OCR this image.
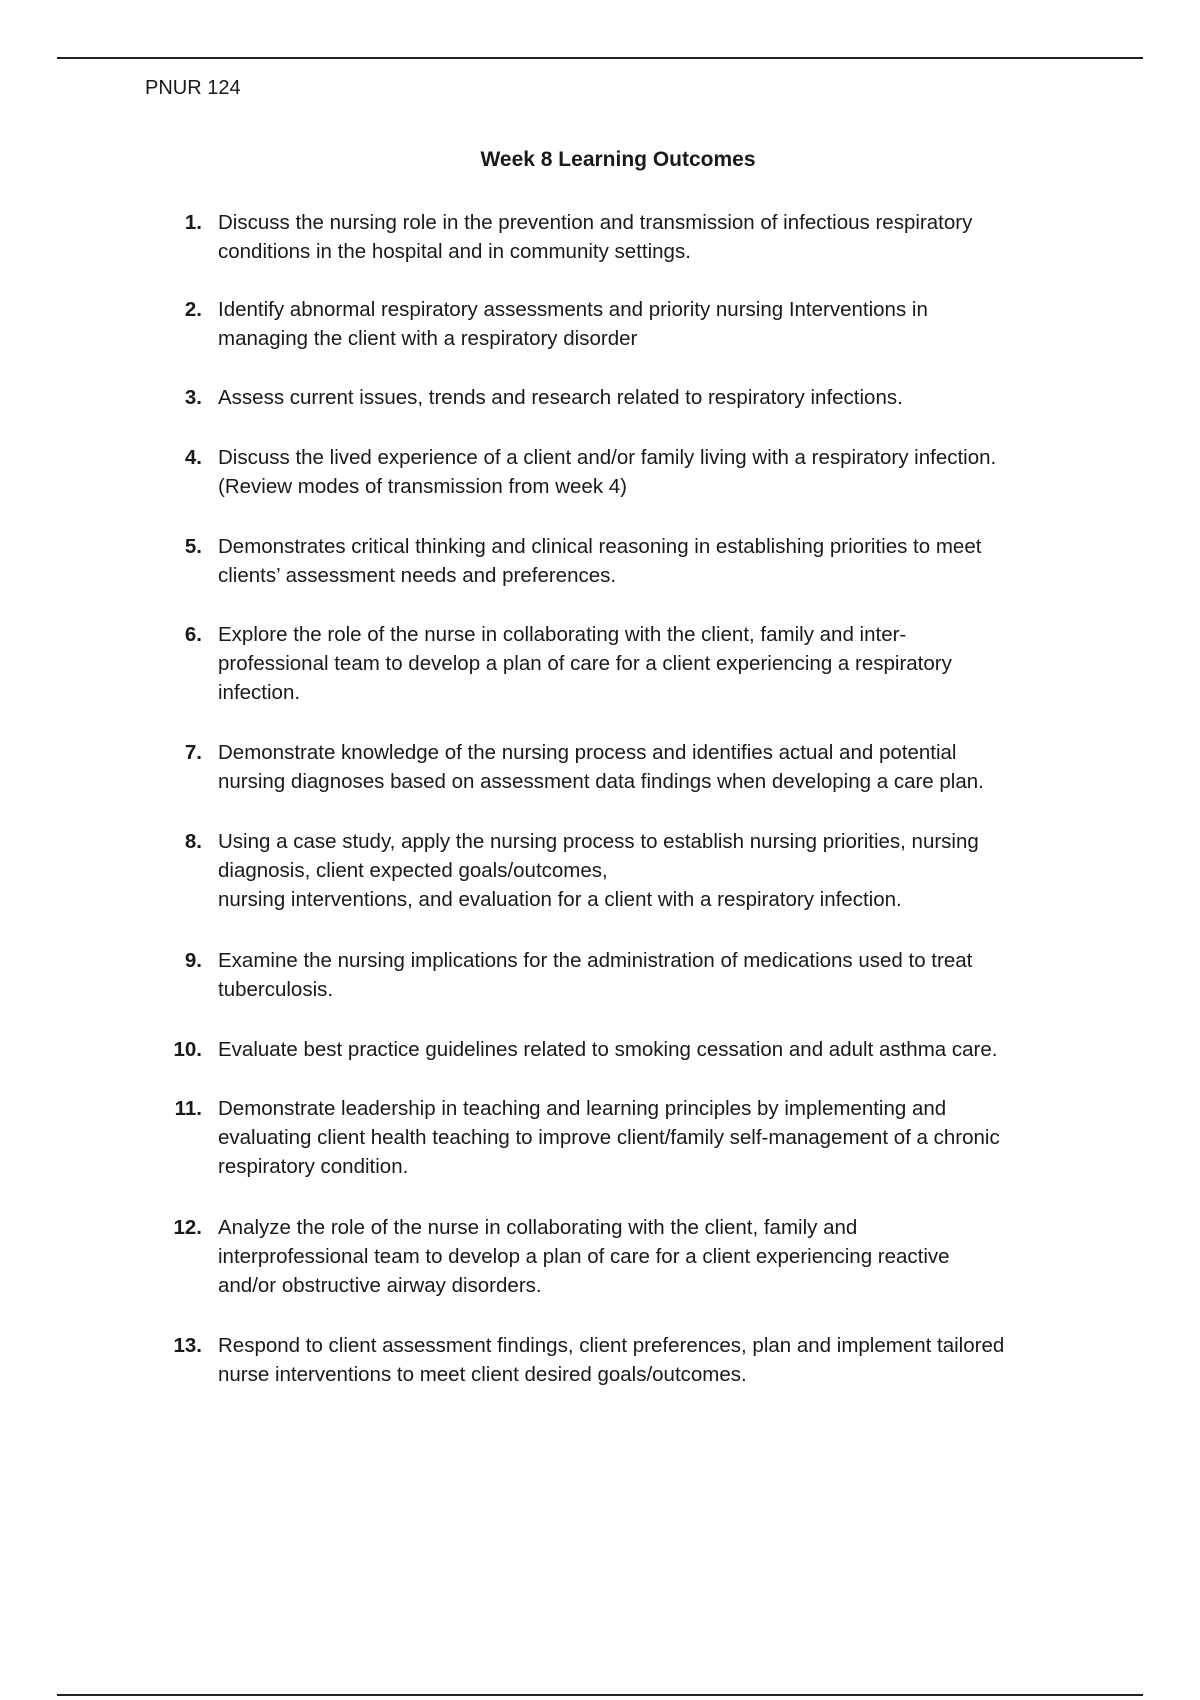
PNUR 124
Week 8 Learning Outcomes
1. Discuss the nursing role in the prevention and transmission of infectious respiratory
conditions in the hospital and in community settings.
2. Identify abnormal respiratory assessments and priority nursing Interventions in
managing the client with a respiratory disorder
3. Assess current issues, trends and research related to respiratory infections.
4. Discuss the lived experience of a client and/or family living with a respiratory infection.
(Review modes of transmission from week 4)
5. Demonstrates critical thinking and clinical reasoning in establishing priorities to meet
clients’ assessment needs and preferences.
6. Explore the role of the nurse in collaborating with the client, family and inter-
professional team to develop a plan of care for a client experiencing a respiratory
infection.
7. Demonstrate knowledge of the nursing process and identifies actual and potential
nursing diagnoses based on assessment data findings when developing a care plan.
8. Using a case study, apply the nursing process to establish nursing priorities, nursing
diagnosis, client expected goals/outcomes,
nursing interventions, and evaluation for a client with a respiratory infection.
9. Examine the nursing implications for the administration of medications used to treat
tuberculosis.
10. Evaluate best practice guidelines related to smoking cessation and adult asthma care.
11. Demonstrate leadership in teaching and learning principles by implementing and
evaluating client health teaching to improve client/family self-management of a chronic
respiratory condition.
12. Analyze the role of the nurse in collaborating with the client, family and
interprofessional team to develop a plan of care for a client experiencing reactive
and/or obstructive airway disorders.
13. Respond to client assessment findings, client preferences, plan and implement tailored
nurse interventions to meet client desired goals/outcomes.
